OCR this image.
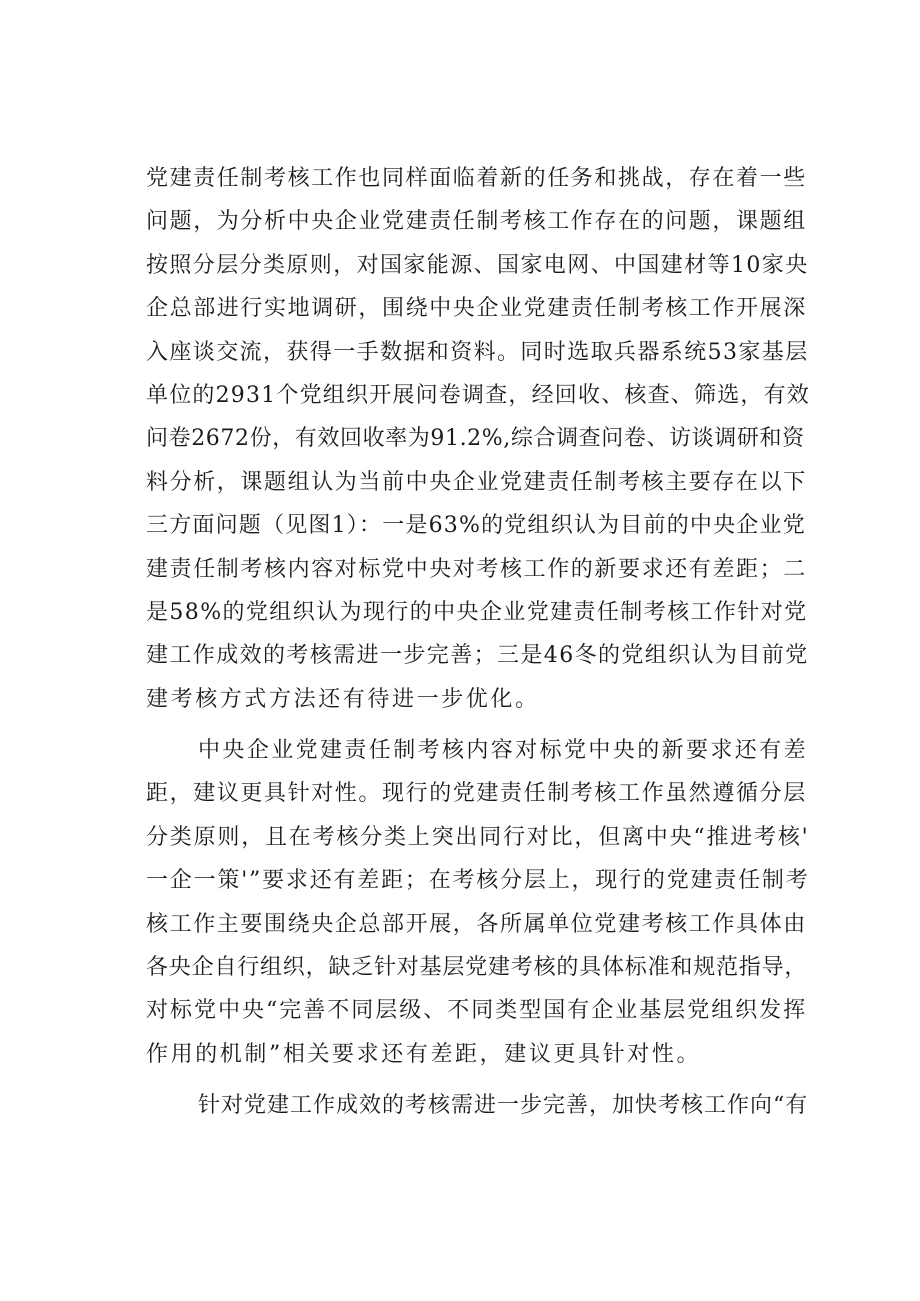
党建责任制考核工作也同样面临着新的任务和挑战，存在着一些
问题，为分析中央企业党建责任制考核工作存在的问题，课题组
按照分层分类原则，对国家能源、国家电网、中国建材等10家央
企总部进行实地调研，围绕中央企业党建责任制考核工作开展深
入座谈交流，获得一手数据和资料。同时选取兵器系统53家基层
单位的2931个党组织开展问卷调查，经回收、核查、筛选，有效
问卷2672份，有效回收率为91.2%,综合调查问卷、访谈调研和资
料分析，课题组认为当前中央企业党建责任制考核主要存在以下
三方面问题（见图1）：一是63%的党组织认为目前的中央企业党
建责任制考核内容对标党中央对考核工作的新要求还有差距；二
是58%的党组织认为现行的中央企业党建责任制考核工作针对党
建工作成效的考核需进一步完善；三是46冬的党组织认为目前党
建考核方式方法还有待进一步优化。
中央企业党建责任制考核内容对标党中央的新要求还有差
距，建议更具针对性。现行的党建责任制考核工作虽然遵循分层
分类原则，且在考核分类上突出同行对比，但离中央“推进考核'
一企一策'”要求还有差距；在考核分层上，现行的党建责任制考
核工作主要围绕央企总部开展，各所属单位党建考核工作具体由
各央企自行组织，缺乏针对基层党建考核的具体标准和规范指导，
对标党中央“完善不同层级、不同类型国有企业基层党组织发挥
作用的机制”相关要求还有差距，建议更具针对性。
针对党建工作成效的考核需进一步完善，加快考核工作向“有
